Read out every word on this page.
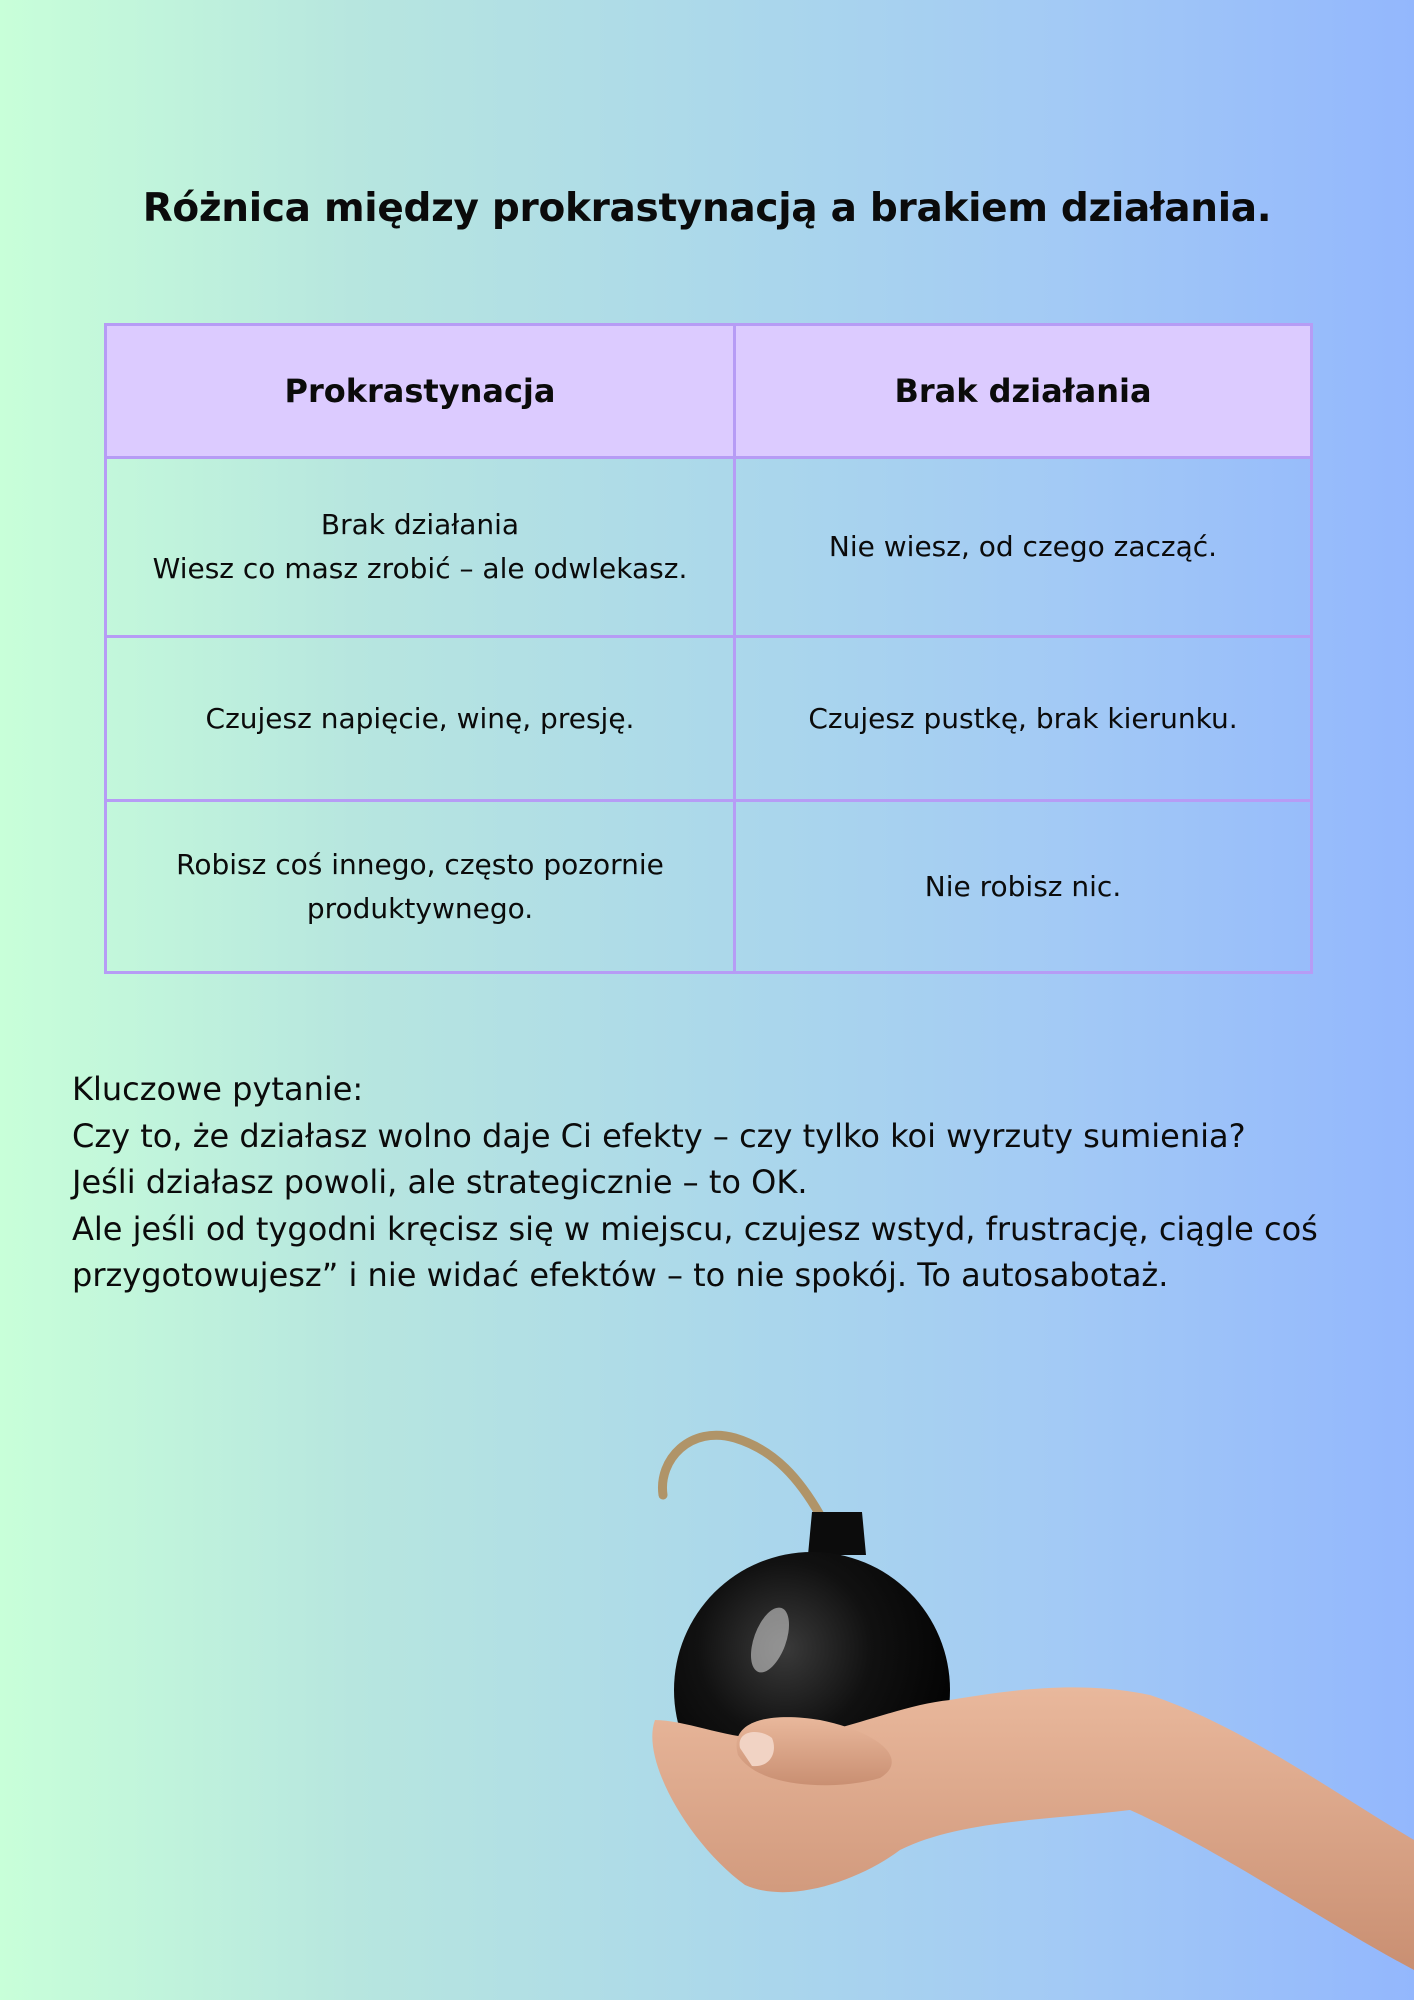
Różnica między prokrastynacją a brakiem działania.
Prokrastynacja	Brak działania

Brak działania
Wiesz co masz zrobić – ale odwlekasz.	Nie wiesz, od czego zacząć.

Czujesz napięcie, winę, presję.	Czujesz pustkę, brak kierunku.

Robisz coś innego, często pozornie
produktywnego.	Nie robisz nic.
Kluczowe pytanie:
Czy to, że działasz wolno daje Ci efekty – czy tylko koi wyrzuty sumienia?
Jeśli działasz powoli, ale strategicznie – to OK.
Ale jeśli od tygodni kręcisz się w miejscu, czujesz wstyd, frustrację, ciągle coś
przygotowujesz” i nie widać efektów – to nie spokój. To autosabotaż.
